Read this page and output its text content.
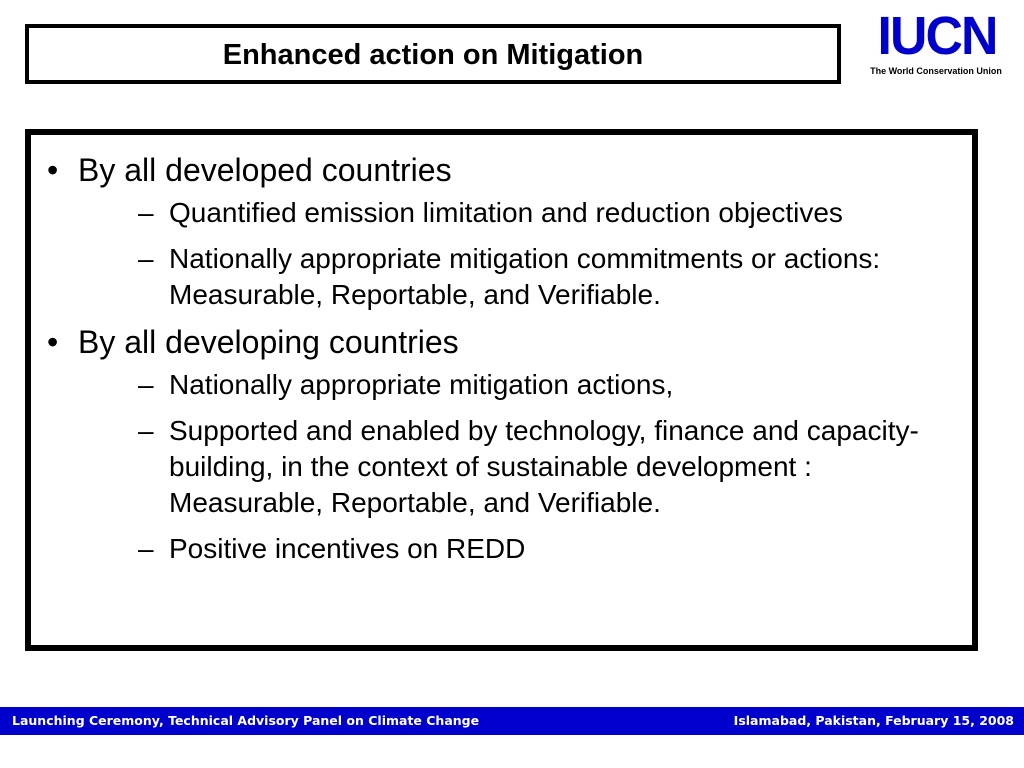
Enhanced action on Mitigation	IUCN
The World Conservation Union
• By all developed countries
– Quantified emission limitation and reduction objectives
– Nationally appropriate mitigation commitments or actions: Measurable, Reportable, and Verifiable.
• By all developing countries
– Nationally appropriate mitigation actions,
– Supported and enabled by technology, finance and capacity-building, in the context of sustainable development : Measurable, Reportable, and Verifiable.
– Positive incentives on REDD
Launching Ceremony, Technical Advisory Panel on Climate Change	Islamabad, Pakistan, February 15, 2008
